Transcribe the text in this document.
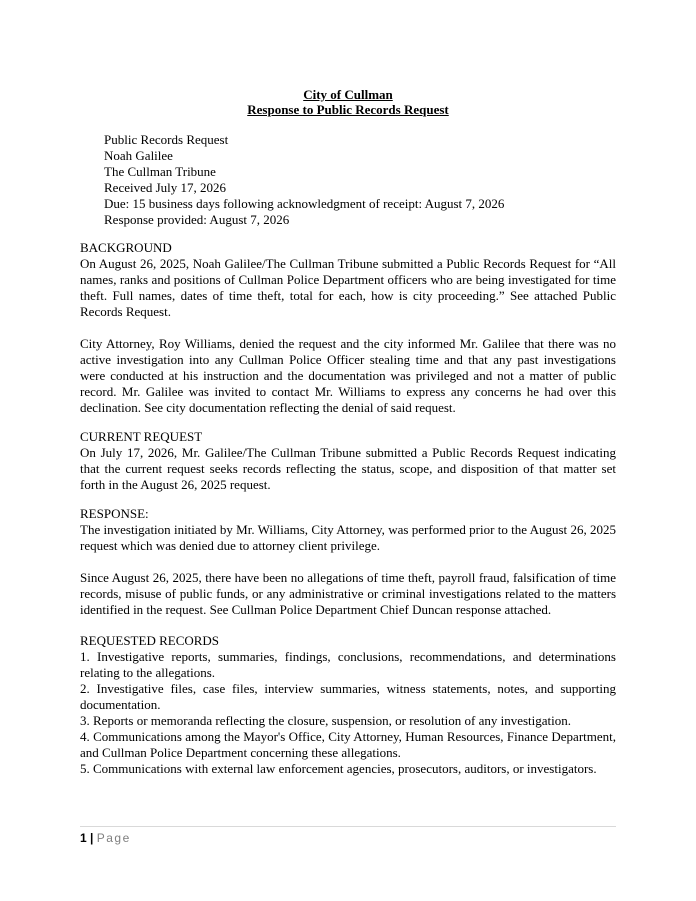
City of Cullman
Response to Public Records Request
Public Records Request
Noah Galilee
The Cullman Tribune
Received July 17, 2026
Due: 15 business days following acknowledgment of receipt: August 7, 2026
Response provided: August 7, 2026
BACKGROUND
On August 26, 2025, Noah Galilee/The Cullman Tribune submitted a Public Records Request for “All names, ranks and positions of Cullman Police Department officers who are being investigated for time theft. Full names, dates of time theft, total for each, how is city proceeding.” See attached Public Records Request.
City Attorney, Roy Williams, denied the request and the city informed Mr. Galilee that there was no active investigation into any Cullman Police Officer stealing time and that any past investigations were conducted at his instruction and the documentation was privileged and not a matter of public record. Mr. Galilee was invited to contact Mr. Williams to express any concerns he had over this declination. See city documentation reflecting the denial of said request.
CURRENT REQUEST
On July 17, 2026, Mr. Galilee/The Cullman Tribune submitted a Public Records Request indicating that the current request seeks records reflecting the status, scope, and disposition of that matter set forth in the August 26, 2025 request.
RESPONSE:
The investigation initiated by Mr. Williams, City Attorney, was performed prior to the August 26, 2025 request which was denied due to attorney client privilege.
Since August 26, 2025, there have been no allegations of time theft, payroll fraud, falsification of time records, misuse of public funds, or any administrative or criminal investigations related to the matters identified in the request. See Cullman Police Department Chief Duncan response attached.
REQUESTED RECORDS
1. Investigative reports, summaries, findings, conclusions, recommendations, and determinations relating to the allegations.
2. Investigative files, case files, interview summaries, witness statements, notes, and supporting documentation.
3. Reports or memoranda reflecting the closure, suspension, or resolution of any investigation.
4. Communications among the Mayor's Office, City Attorney, Human Resources, Finance Department, and Cullman Police Department concerning these allegations.
5. Communications with external law enforcement agencies, prosecutors, auditors, or investigators.
1 | Page
